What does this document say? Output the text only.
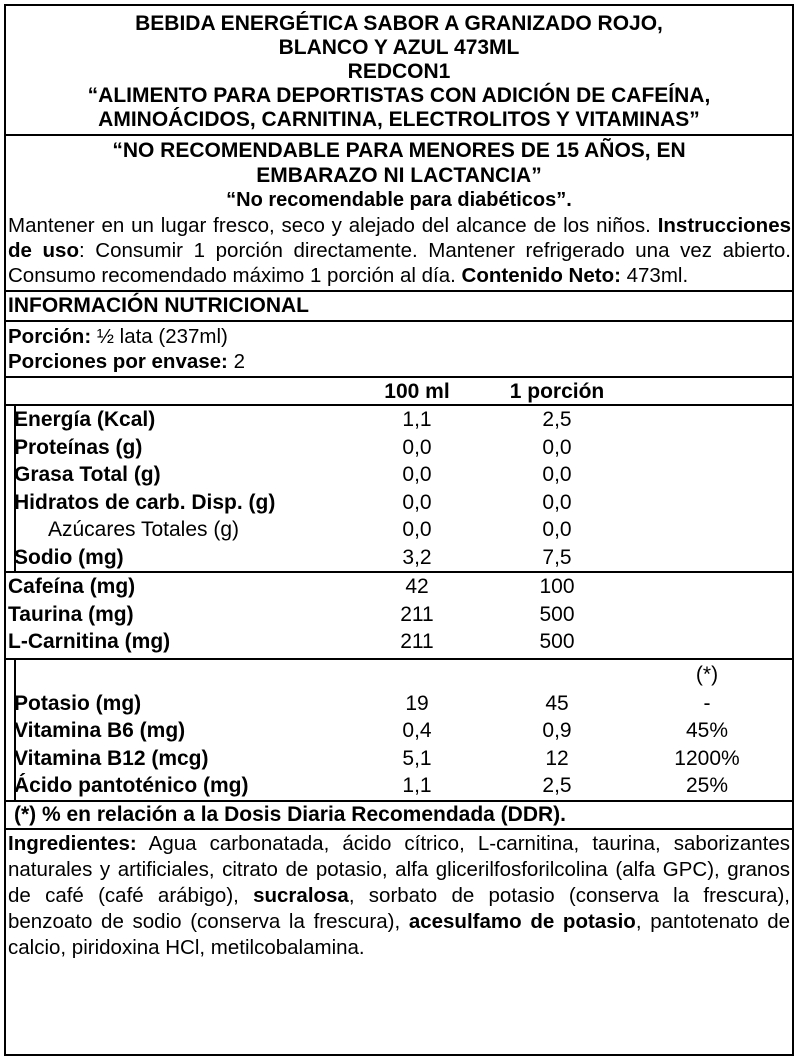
BEBIDA ENERGÉTICA SABOR A GRANIZADO ROJO,
BLANCO Y AZUL 473ML
REDCON1
“ALIMENTO PARA DEPORTISTAS CON ADICIÓN DE CAFEÍNA,
AMINOÁCIDOS, CARNITINA, ELECTROLITOS Y VITAMINAS”
“NO RECOMENDABLE PARA MENORES DE 15 AÑOS, EN
EMBARAZO NI LACTANCIA”
“No recomendable para diabéticos”.
Mantener en un lugar fresco, seco y alejado del alcance de los niños. Instrucciones de uso: Consumir 1 porción directamente. Mantener refrigerado una vez abierto. Consumo recomendado máximo 1 porción al día. Contenido Neto: 473ml.
INFORMACIÓN NUTRICIONAL
Porción: ½ lata (237ml)
Porciones por envase: 2
100 ml	1 porción
Energía (Kcal)	1,1	2,5
Proteínas (g)	0,0	0,0
Grasa Total (g)	0,0	0,0
Hidratos de carb. Disp. (g)	0,0	0,0
Azúcares Totales (g)	0,0	0,0
Sodio (mg)	3,2	7,5
Cafeína (mg)	42	100
Taurina (mg)	211	500
L-Carnitina (mg)	211	500
(*)
Potasio (mg)	19	45	-
Vitamina B6 (mg)	0,4	0,9	45%
Vitamina B12 (mcg)	5,1	12	1200%
Ácido pantoténico (mg)	1,1	2,5	25%
(*) % en relación a la Dosis Diaria Recomendada (DDR).
Ingredientes: Agua carbonatada, ácido cítrico, L-carnitina, taurina, saborizantes naturales y artificiales, citrato de potasio, alfa glicerilfosforilcolina (alfa GPC), granos de café (café arábigo), sucralosa, sorbato de potasio (conserva la frescura), benzoato de sodio (conserva la frescura), acesulfamo de potasio, pantotenato de calcio, piridoxina HCl, metilcobalamina.
